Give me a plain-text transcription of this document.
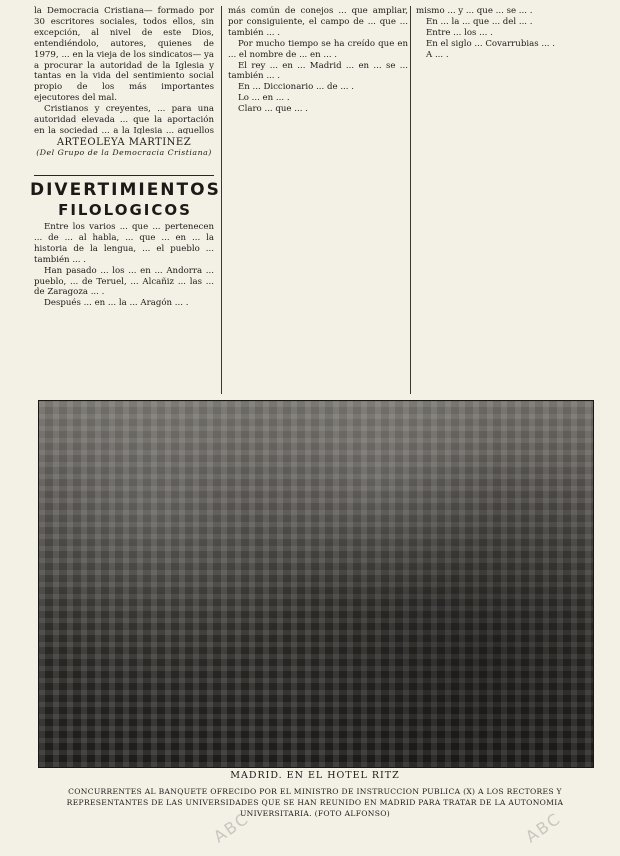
la Democracia Cristiana— formado por 30 escritores sociales, todos ellos, sin excepción, al nivel de este Dios, entendiéndolo, autores, quienes de 1979, ... en la vieja de los sindicatos— ya a procurar la autoridad de la Iglesia y tantas en la vida del sentimiento social propio de los más importantes ejecutores del mal.

Cristianos y creyentes, ... para una autoridad elevada ... que la aportación en la sociedad ... a la Iglesia ... aquellos

ARTEOLEYA MARTINEZ
(Del Grupo de la Democracia Cristiana)
DIVERTIMIENTOS
FILOLOGICOS

Entre los varios ... que ... pertenecen ... de ... al habla, ... que ... en ... la historia de la lengua, ... el pueblo ... también ... .

Han pasado ... los ... en ... Andorra ... pueblo, ... de Teruel, ... Alcañiz ... las ... de Zaragoza ... .

Después ... en ... la ... Aragón ... .

más común de conejos ... que ampliar, por consiguiente, el campo de ... que ... también ... .

Por mucho tiempo se ha creído que en ... el nombre de ... en ... .

El rey ... en ... Madrid ... en ... se ... también ... .

En ... Diccionario ... de ... .

Lo ... en ... .

Claro ... que ... .

mismo ... y ... que ... se ... .

En ... la ... que ... del ... .

Entre ... los ... .

En el siglo ... Covarrubias ... .

A ... .

MADRID. EN EL HOTEL RITZ
CONCURRENTES AL BANQUETE OFRECIDO POR EL MINISTRO DE INSTRUCCION PUBLICA (X) A LOS RECTORES Y REPRESENTANTES DE LAS UNIVERSIDADES QUE SE HAN REUNIDO EN MADRID PARA TRATAR DE LA AUTONOMIA UNIVERSITARIA. (FOTO ALFONSO)
ABC	ABC
